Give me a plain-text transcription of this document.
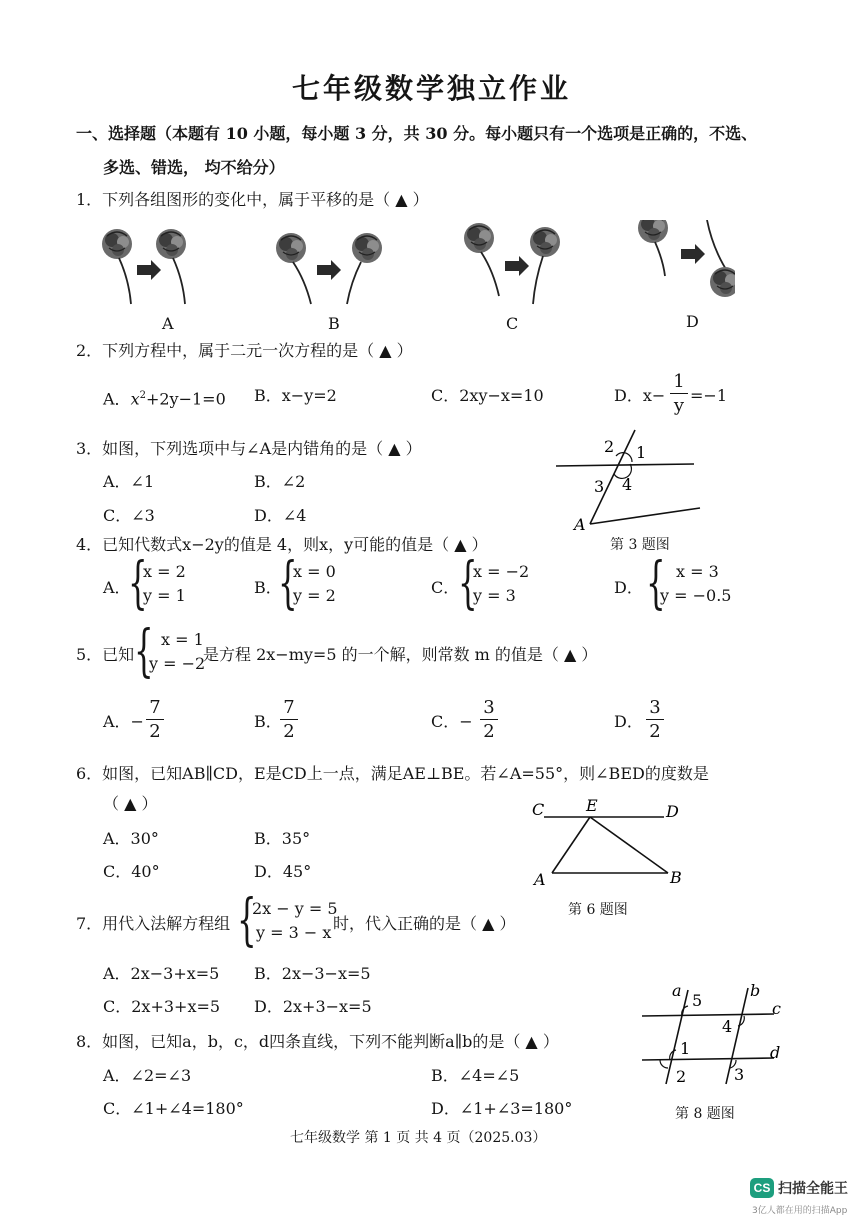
七年级数学独立作业
一、选择题（本题有 10 小题，每小题 3 分，共 30 分。每小题只有一个选项是正确的，不选、
多选、错选， 均不给分）
1．下列各组图形的变化中，属于平移的是（ ▲ ）
A	B	C	D
2．下列方程中，属于二元一次方程的是（ ▲ ）
A．$x^2+2y-1=0$ B．x−y=2	C．2xy−x=10	D．$x- \frac{1}{y} =-1$
3．如图，下列选项中与∠A是内错角的是（ ▲ ）
A．∠1	B．∠2
C．∠3	D．∠4
2 1
3 4
A
第 3 题图
4．已知代数式x−2y的值是 4，则x，y可能的值是（ ▲ ）
A．
{
x = 2
y = 1	B．
{
x = 0
y = 2	C．
{
x = −2
y = 3	D． { x = 3
y = −0.5
5．已知 { x = 1
y = −2
是方程 2x−my=5 的一个解，则常数 m 的值是（ ▲ ）
A．− $\frac{7}{2}$	B．
$\frac{7}{2}$	C．− $\frac{3}{2}$	D． $\frac{3}{2}$
6．如图，已知AB∥CD，E是CD上一点，满足AE⊥BE。若∠A=55°，则∠BED的度数是
（ ▲ ）
A．30°	B．35°
C．40°	D．45°
C	E	D
A	B
第 6 题图
7．用代入法解方程组 {
2x − y = 5
y = 3 − x 时，代入正确的是（ ▲ ）
A．2x−3+x=5 B．2x−3−x=5
C．2x+3+x=5 D．2x+3−x=5
8．如图，已知a，b，c，d四条直线，下列不能判断a∥b的是（ ▲ ）
A．∠2=∠3	B．∠4=∠5
C．∠1+∠4=180°	D．∠1+∠3=180°
a
5
b
c
4
1	d
2	3
第 8 题图
七年级数学 第 1 页 共 4 页（2025.03）
CS 扫描全能王
3亿人都在用的扫描App
